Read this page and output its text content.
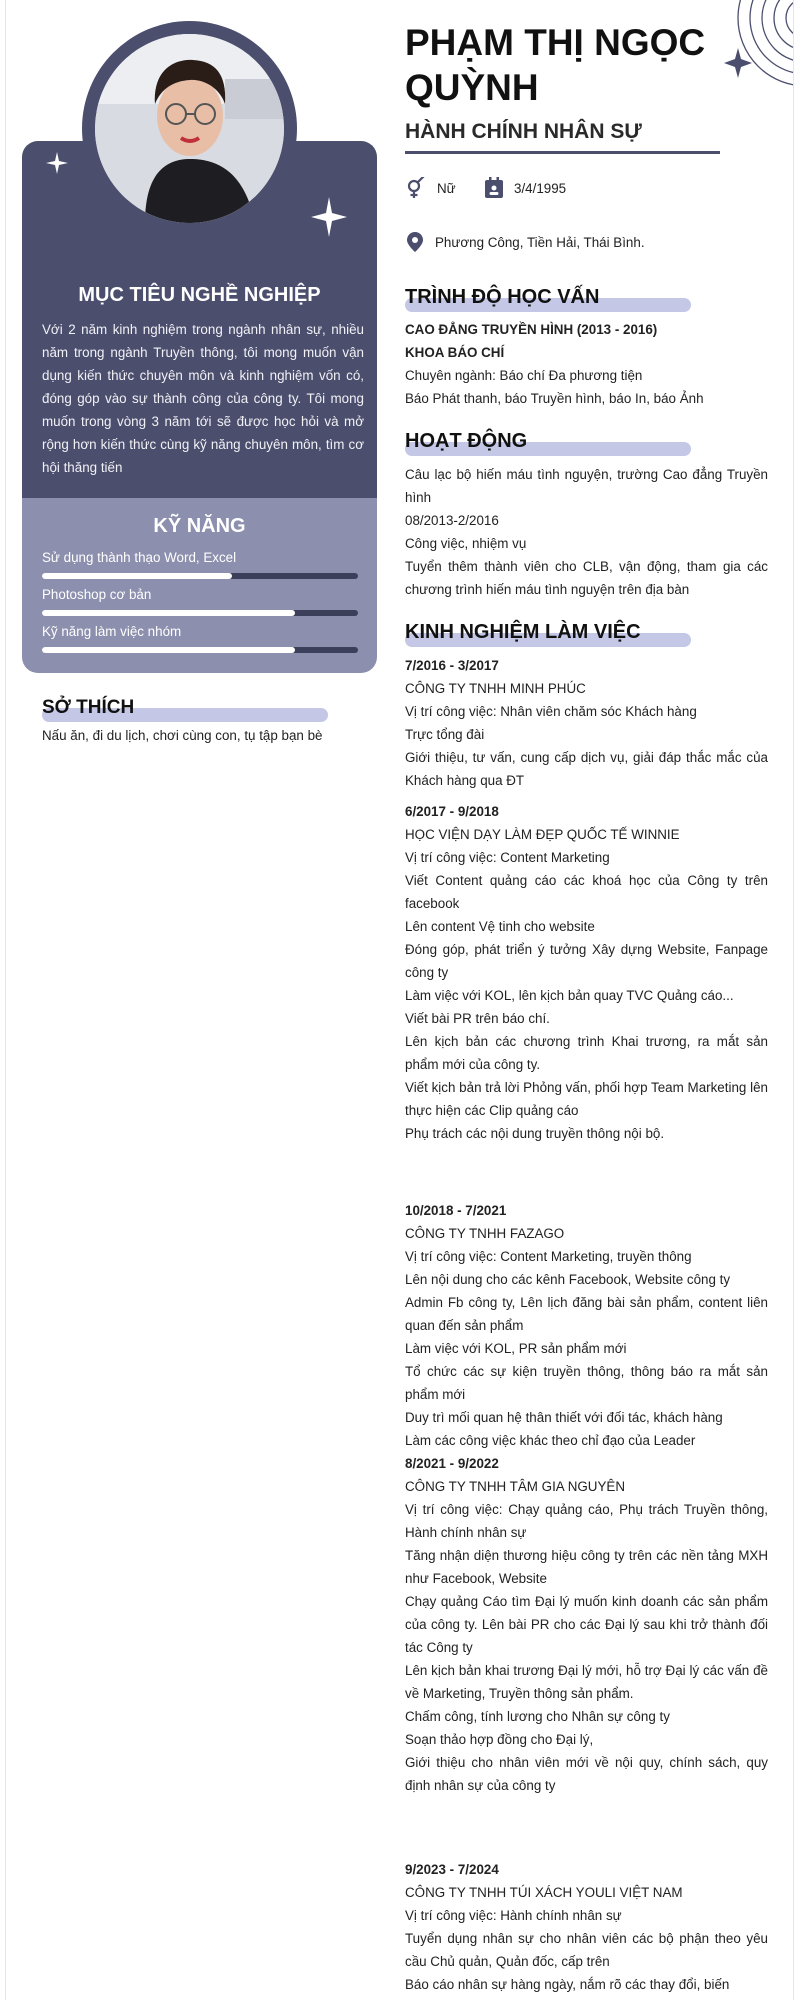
MỤC TIÊU NGHỀ NGHIỆP
Với 2 năm kinh nghiệm trong ngành nhân sự, nhiều năm trong ngành Truyền thông, tôi mong muốn vận dụng kiến thức chuyên môn và kinh nghiệm vốn có, đóng góp vào sự thành công của công ty. Tôi mong muốn trong vòng 3 năm tới sẽ được học hỏi và mở rộng hơn kiến thức cùng kỹ năng chuyên môn, tìm cơ hội thăng tiến
KỸ NĂNG
Sử dụng thành thạo Word, Excel
Photoshop cơ bản
Kỹ năng làm việc nhóm
SỞ THÍCH
Nấu ăn, đi du lịch, chơi cùng con, tụ tập bạn bè
PHẠM THỊ NGỌC QUỲNH
HÀNH CHÍNH NHÂN SỰ
Nữ	3/4/1995
Phương Công, Tiền Hải, Thái Bình.
TRÌNH ĐỘ HỌC VẤN
CAO ĐẲNG TRUYỀN HÌNH (2013 - 2016)
KHOA BÁO CHÍ
Chuyên ngành: Báo chí Đa phương tiện
Báo Phát thanh, báo Truyền hình, báo In, báo Ảnh
HOẠT ĐỘNG
Câu lạc bộ hiến máu tình nguyện, trường Cao đẳng Truyền hình
08/2013-2/2016
Công việc, nhiệm vụ
Tuyển thêm thành viên cho CLB, vận động, tham gia các chương trình hiến máu tình nguyện trên địa bàn
KINH NGHIỆM LÀM VIỆC
7/2016 - 3/2017
CÔNG TY TNHH MINH PHÚC
Vị trí công việc: Nhân viên chăm sóc Khách hàng
Trực tổng đài
Giới thiệu, tư vấn, cung cấp dịch vụ, giải đáp thắc mắc của Khách hàng qua ĐT
6/2017 - 9/2018
HỌC VIỆN DẠY LÀM ĐẸP QUỐC TẾ WINNIE
Vị trí công việc: Content Marketing
Viết Content quảng cáo các khoá học của Công ty trên facebook
Lên content Vệ tinh cho website
Đóng góp, phát triển ý tưởng Xây dựng Website, Fanpage công ty
Làm việc với KOL, lên kịch bản quay TVC Quảng cáo...
Viết bài PR trên báo chí.
Lên kịch bản các chương trình Khai trương, ra mắt sản phẩm mới của công ty.
Viết kịch bản trả lời Phỏng vấn, phối hợp Team Marketing lên thực hiện các Clip quảng cáo
Phụ trách các nội dung truyền thông nội bộ.
10/2018 - 7/2021
CÔNG TY TNHH FAZAGO
Vị trí công việc: Content Marketing, truyền thông
Lên nội dung cho các kênh Facebook, Website công ty
Admin Fb công ty, Lên lịch đăng bài sản phẩm, content liên quan đến sản phẩm
Làm việc với KOL, PR sản phẩm mới
Tổ chức các sự kiện truyền thông, thông báo ra mắt sản phẩm mới
Duy trì mối quan hệ thân thiết với đối tác, khách hàng
Làm các công việc khác theo chỉ đạo của Leader
8/2021 - 9/2022
CÔNG TY TNHH TÂM GIA NGUYÊN
Vị trí công việc: Chạy quảng cáo, Phụ trách Truyền thông, Hành chính nhân sự
Tăng nhận diện thương hiệu công ty trên các nền tảng MXH như Facebook, Website
Chạy quảng Cáo tìm Đại lý muốn kinh doanh các sản phẩm của công ty. Lên bài PR cho các Đại lý sau khi trở thành đối tác Công ty
Lên kịch bản khai trương Đại lý mới, hỗ trợ Đại lý các vấn đề về Marketing, Truyền thông sản phẩm.
Chấm công, tính lương cho Nhân sự công ty
Soạn thảo hợp đồng cho Đại lý,
Giới thiệu cho nhân viên mới về nội quy, chính sách, quy định nhân sự của công ty
9/2023 - 7/2024
CÔNG TY TNHH TÚI XÁCH YOULI VIỆT NAM
Vị trí công việc: Hành chính nhân sự
Tuyển dụng nhân sự cho nhân viên các bộ phận theo yêu cầu Chủ quản, Quản đốc, cấp trên
Báo cáo nhân sự hàng ngày, nắm rõ các thay đổi, biến
